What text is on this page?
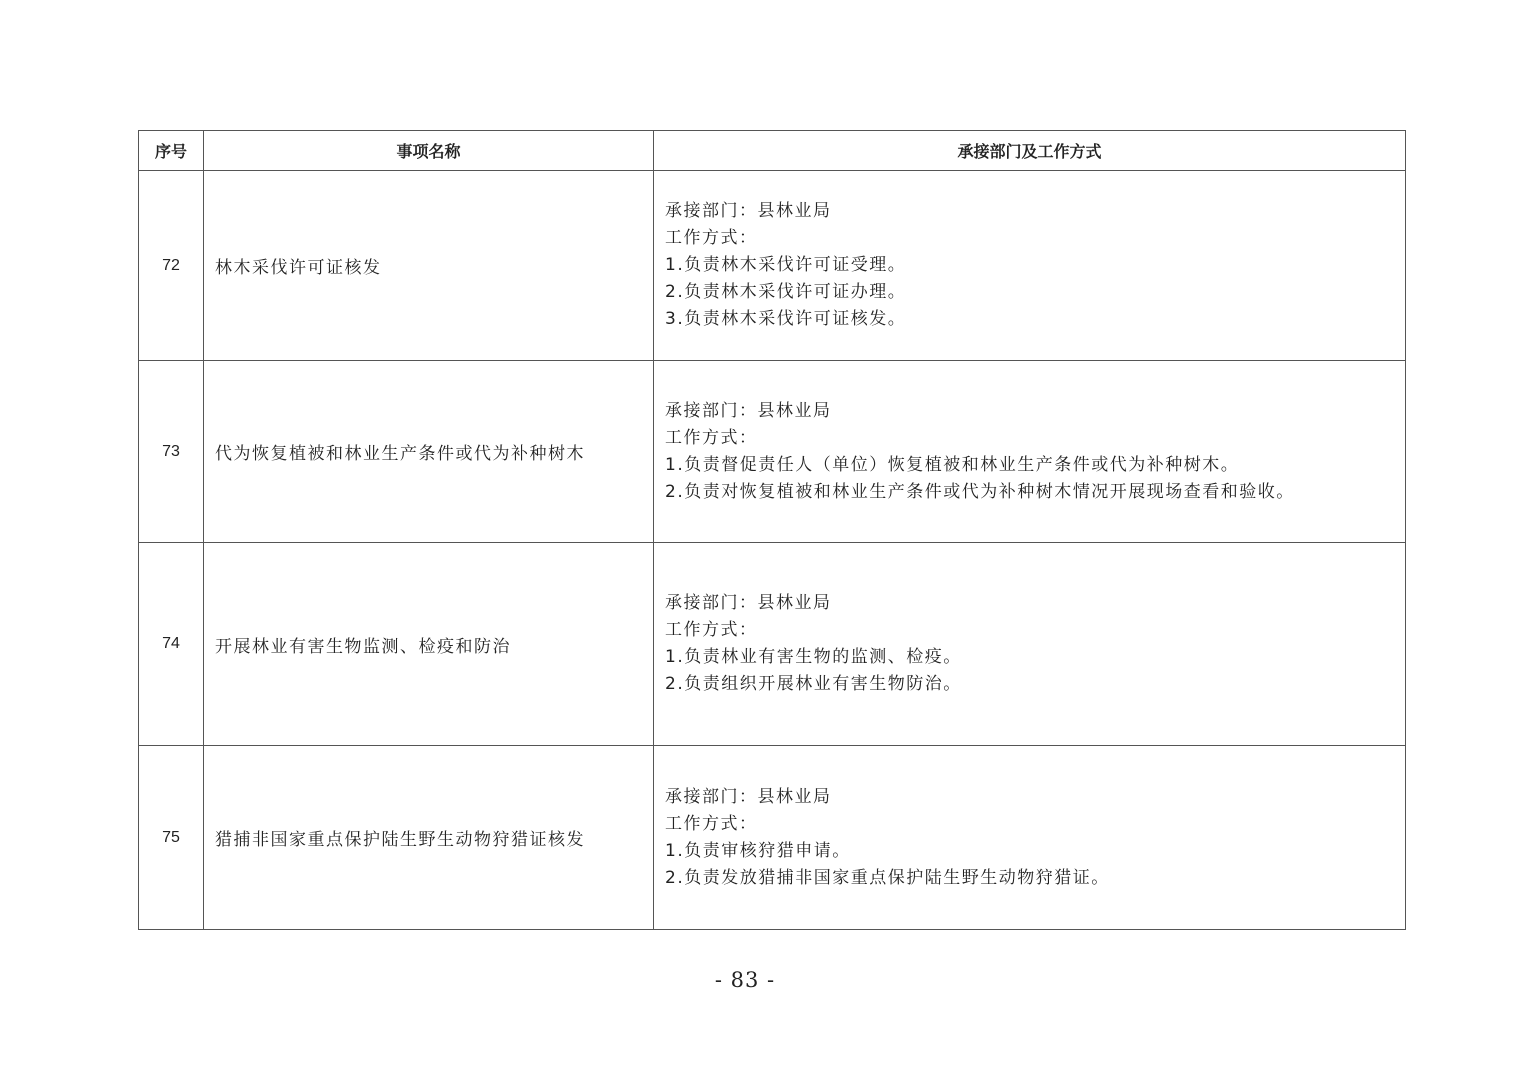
序号	事项名称	承接部门及工作方式
72	林木采伐许可证核发	承接部门：县林业局
工作方式：
1.负责林木采伐许可证受理。
2.负责林木采伐许可证办理。
3.负责林木采伐许可证核发。

73	代为恢复植被和林业生产条件或代为补种树木	承接部门：县林业局
工作方式：
1.负责督促责任人（单位）恢复植被和林业生产条件或代为补种树木。
2.负责对恢复植被和林业生产条件或代为补种树木情况开展现场查看和验收。

74	开展林业有害生物监测、检疫和防治	承接部门：县林业局
工作方式：
1.负责林业有害生物的监测、检疫。
2.负责组织开展林业有害生物防治。

75	猎捕非国家重点保护陆生野生动物狩猎证核发	承接部门：县林业局
工作方式：
1.负责审核狩猎申请。
2.负责发放猎捕非国家重点保护陆生野生动物狩猎证。
- 83 -
